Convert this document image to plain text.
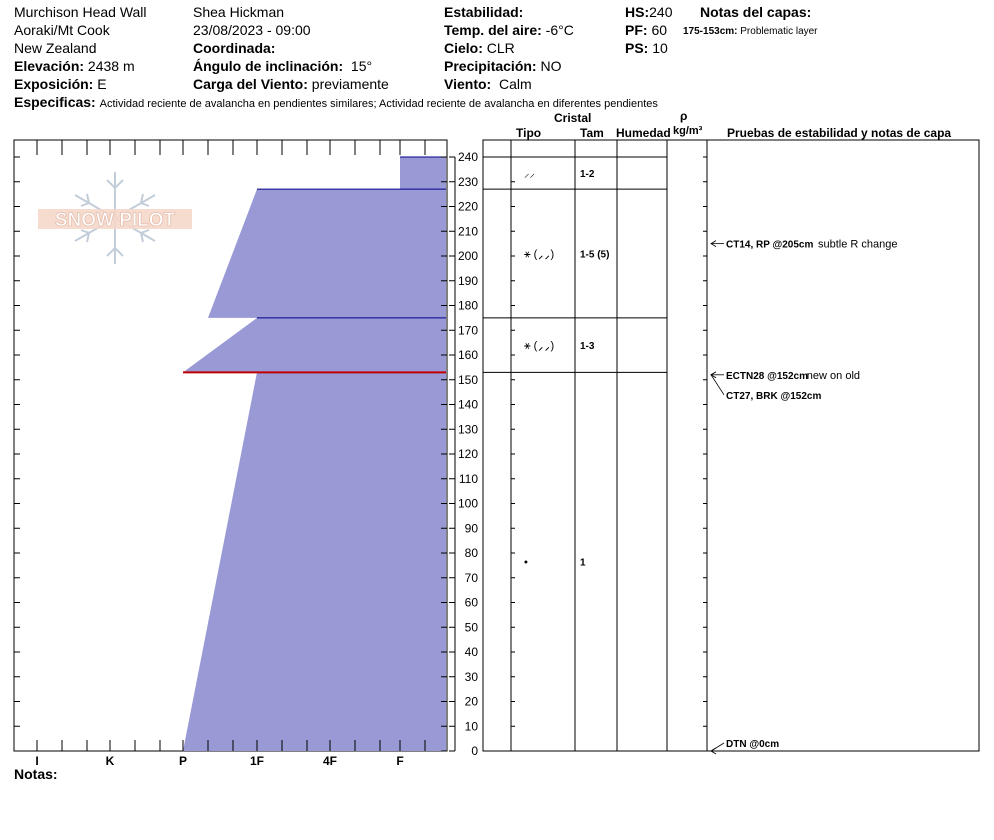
Murchison Head Wall
Aoraki/Mt Cook
New Zealand
Elevación: 2438 m
Exposición: E
Shea Hickman
23/08/2023 - 09:00
Coordinada:
Ángulo de inclinación: 15°
Carga del Viento: previamente
Estabilidad:
Temp. del aire: -6°C
Cielo: CLR
Precipitación: NO
Viento: Calm
HS:240
PF: 60
PS: 10
Notas del capas:
175-153cm: Problematic layer
Especificas: Actividad reciente de avalancha en pendientes similares; Actividad reciente de avalancha en diferentes pendientes
Cristal
Tipo	Tam Humedad
ρ
kg/m³ Pruebas de estabilidad y notas de capa
I	K	P	1F	4F	F
SNOW PILOT
0
10
20
30
40
50
60
70
80
90
100
110
120
130
140
150
160
170
180
190
200
210
220
230
240
⸝⸝	1-2
⚹ (⸝⸝)	1-5 (5)
⚹ (⸝⸝)	1-3
•	1
CT14, RP @205cm subtle R change
ECTN28 @152cm
new on old
CT27, BRK @152cm
DTN @0cm
Notas:
